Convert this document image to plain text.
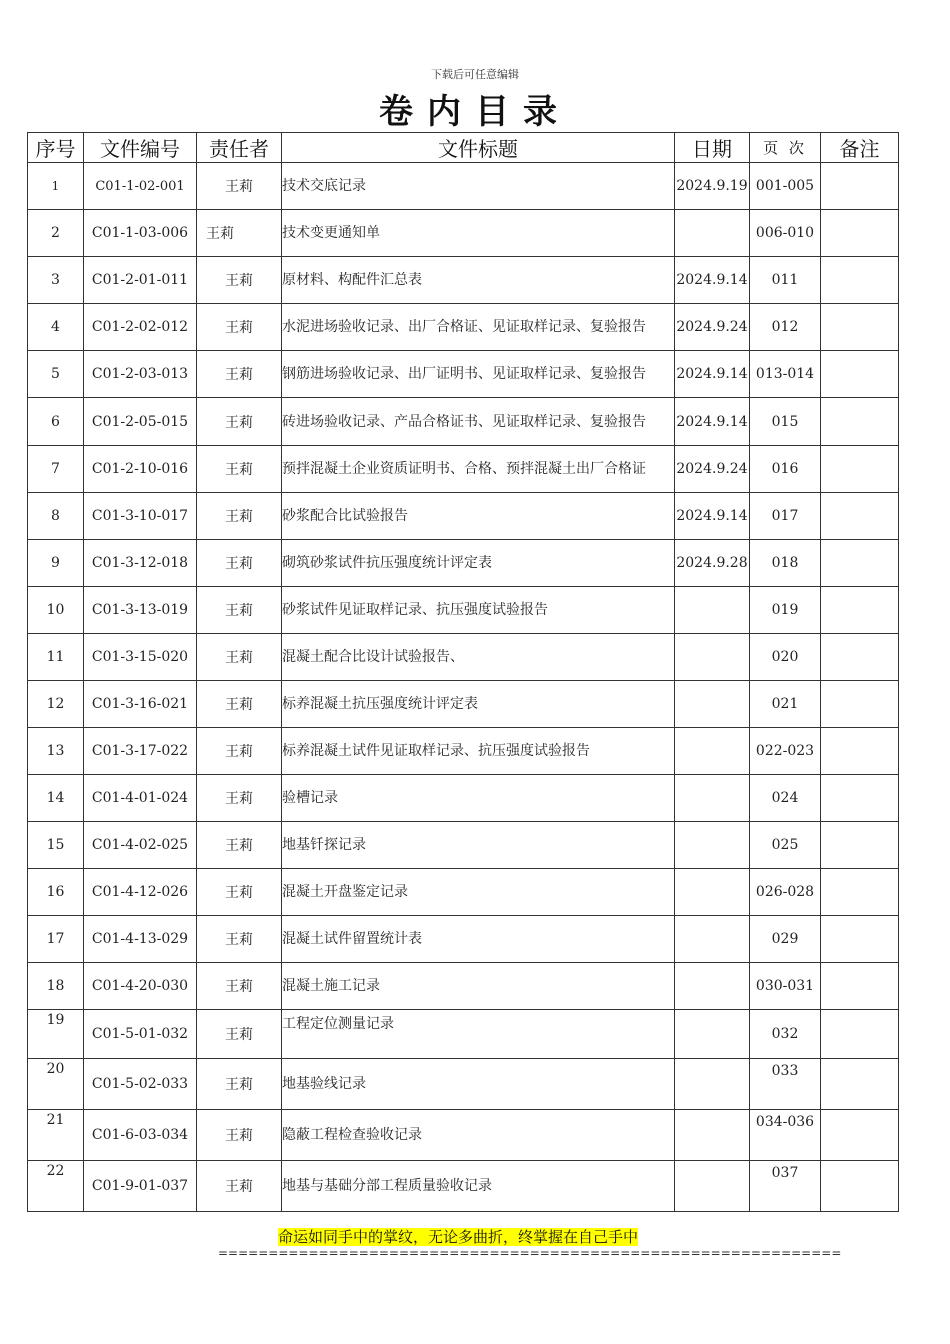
下载后可任意编辑
卷内目录
序号	文件编号	责任者	文件标题	日期	页 次	备注
1	C01-1-02-001	王莉	技术交底记录	2024.9.19	001-005	
2	C01-1-03-006	王莉	技术变更通知单		006-010	
3	C01-2-01-011	王莉	原材料、构配件汇总表	2024.9.14	011	
4	C01-2-02-012	王莉	水泥进场验收记录、出厂合格证、见证取样记录、复验报告	2024.9.24	012	
5	C01-2-03-013	王莉	钢筋进场验收记录、出厂证明书、见证取样记录、复验报告	2024.9.14	013-014	
6	C01-2-05-015	王莉	砖进场验收记录、产品合格证书、见证取样记录、复验报告	2024.9.14	015	
7	C01-2-10-016	王莉	预拌混凝土企业资质证明书、合格、预拌混凝土出厂合格证	2024.9.24	016	
8	C01-3-10-017	王莉	砂浆配合比试验报告	2024.9.14	017	
9	C01-3-12-018	王莉	砌筑砂浆试件抗压强度统计评定表	2024.9.28	018	
10	C01-3-13-019	王莉	砂浆试件见证取样记录、抗压强度试验报告		019	
11	C01-3-15-020	王莉	混凝土配合比设计试验报告、		020	
12	C01-3-16-021	王莉	标养混凝土抗压强度统计评定表		021	
13	C01-3-17-022	王莉	标养混凝土试件见证取样记录、抗压强度试验报告		022-023	
14	C01-4-01-024	王莉	验槽记录		024	
15	C01-4-02-025	王莉	地基钎探记录		025	
16	C01-4-12-026	王莉	混凝土开盘鉴定记录		026-028	
17	C01-4-13-029	王莉	混凝土试件留置统计表		029	
18	C01-4-20-030	王莉	混凝土施工记录		030-031	
19	C01-5-01-032	王莉	工程定位测量记录		032	
20	C01-5-02-033	王莉	地基验线记录		033	
21	C01-6-03-034	王莉	隐蔽工程检查验收记录		034-036	
22	C01-9-01-037	王莉	地基与基础分部工程质量验收记录		037	
命运如同手中的掌纹，无论多曲折，终掌握在自己手中
==============================================================
